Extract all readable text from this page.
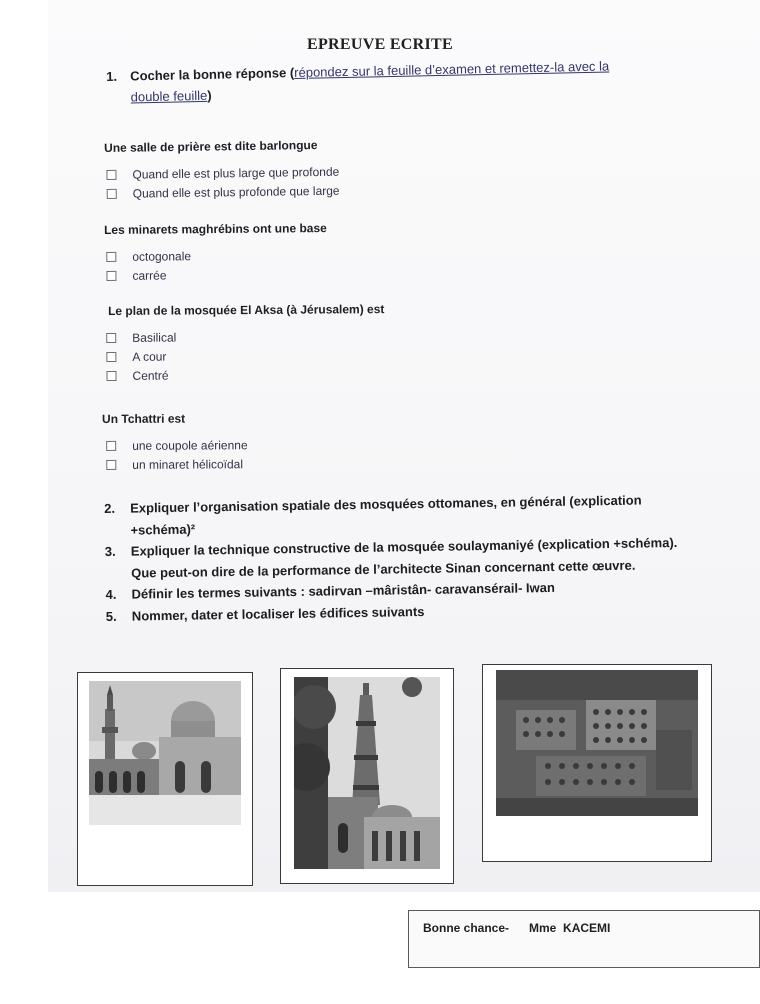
EPREUVE ECRITE
1. Cocher la bonne réponse (répondez sur la feuille d’examen et remettez-la avec la
double feuille)
Une salle de prière est dite barlongue
Quand elle est plus large que profonde
Quand elle est plus profonde que large
Les minarets maghrébins ont une base
octogonale
carrée
Le plan de la mosquée El Aksa (à Jérusalem) est
Basilical
A cour
Centré
Un Tchattri est
une coupole aérienne
un minaret hélicoïdal
2.	Expliquer l’organisation spatiale des mosquées ottomanes, en général (explication +schéma)²
3.	Expliquer la technique constructive de la mosquée soulaymaniyé (explication +schéma). Que peut-on dire de la performance de l’architecte Sinan concernant cette œuvre.
4.	Définir les termes suivants : sadirvan –mâristân- caravansérail- Iwan
5.	Nommer, dater et localiser les édifices suivants
Bonne chance-      Mme  KACEMI
